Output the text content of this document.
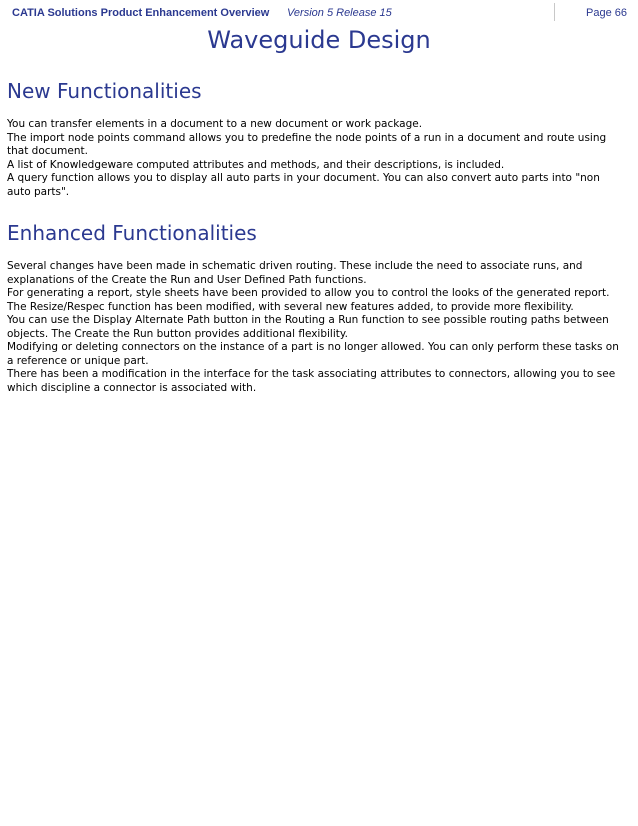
CATIA Solutions Product Enhancement Overview Version 5 Release 15	Page 66
Waveguide Design
New Functionalities

You can transfer elements in a document to a new document or work package.

The import node points command allows you to predefine the node points of a run in a document and route using that document.

A list of Knowledgeware computed attributes and methods, and their descriptions, is included.

A query function allows you to display all auto parts in your document. You can also convert auto parts into "non auto parts".

Enhanced Functionalities

Several changes have been made in schematic driven routing. These include the need to associate runs, and explanations of the Create the Run and User Defined Path functions.

For generating a report, style sheets have been provided to allow you to control the looks of the generated report.

The Resize/Respec function has been modified, with several new features added, to provide more flexibility.

You can use the Display Alternate Path button in the Routing a Run function to see possible routing paths between objects. The Create the Run button provides additional flexibility.

Modifying or deleting connectors on the instance of a part is no longer allowed. You can only perform these tasks on a reference or unique part.

There has been a modification in the interface for the task associating attributes to connectors, allowing you to see which discipline a connector is associated with.
